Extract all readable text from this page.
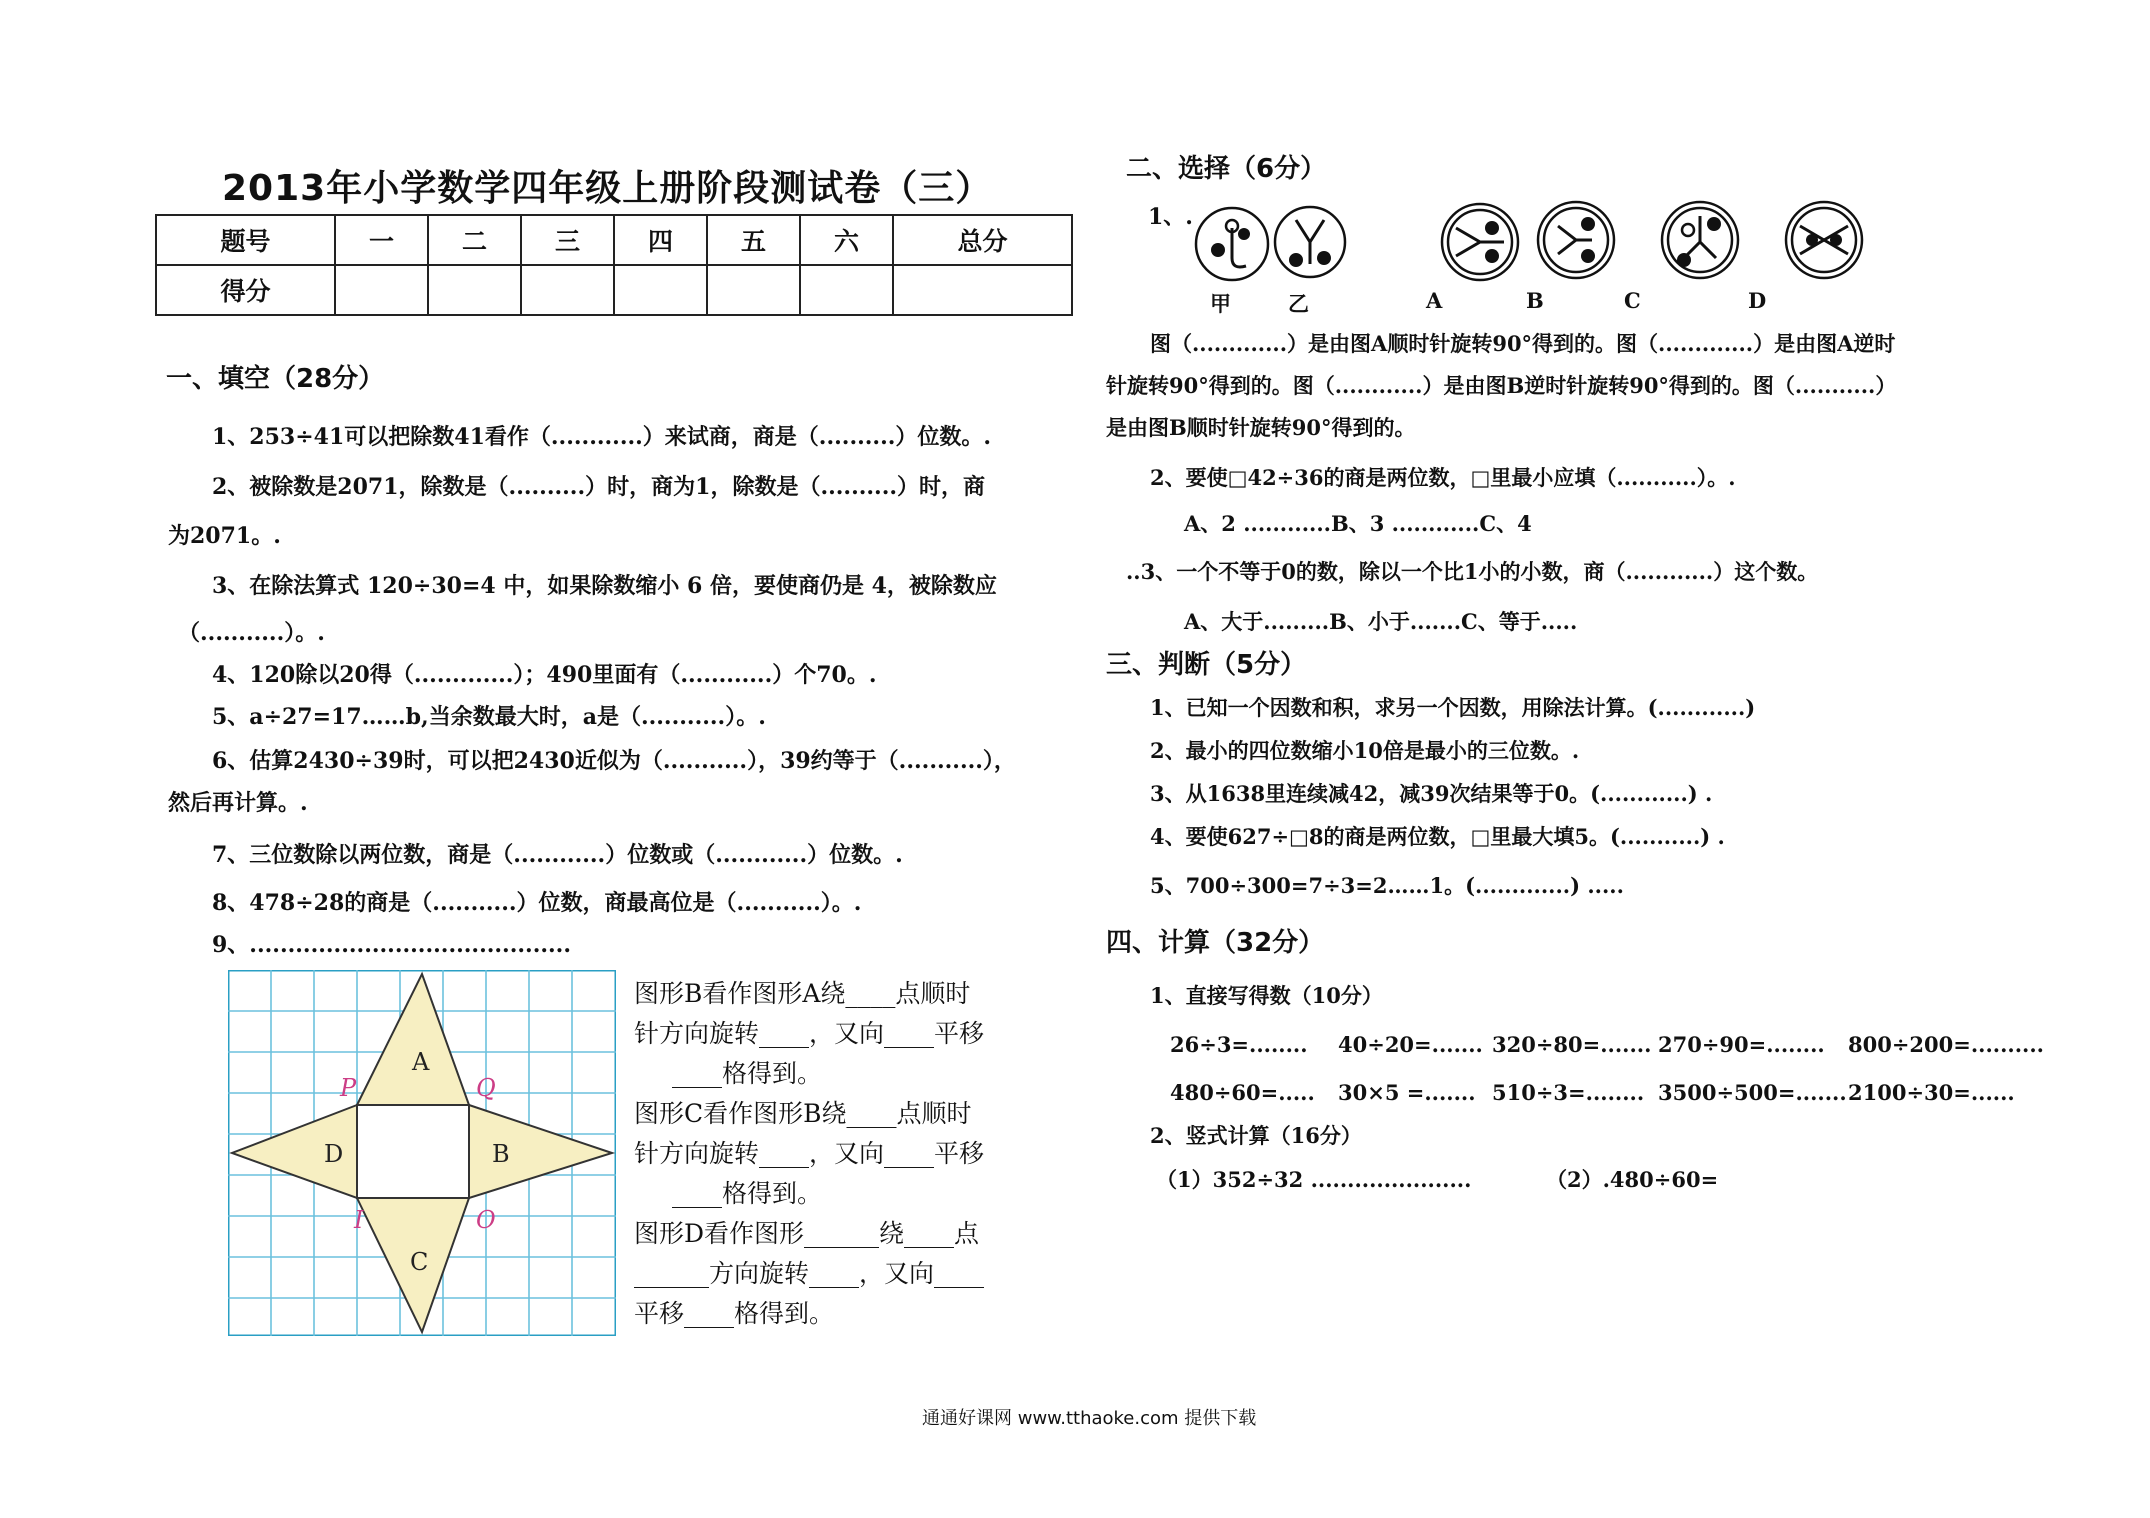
2013年小学数学四年级上册阶段测试卷（三）
题号	一	二	三	四	五	六	总分
得分							
一、填空（28分）
1、253÷41可以把除数41看作（............）来试商，商是（..........）位数。.
2、被除数是2071，除数是（..........）时，商为1，除数是（..........）时，商
为2071。.
3、在除法算式 120÷30=4 中，如果除数缩小 6 倍，要使商仍是 4，被除数应
（...........）。.
4、120除以20得（.............）；490里面有（............）个70。.
5、a÷27=17……b,当余数最大时，a是（...........）。.
6、估算2430÷39时，可以把2430近似为（...........），39约等于（...........），
然后再计算。.
7、三位数除以两位数，商是（............）位数或（............）位数。.
8、478÷28的商是（...........）位数，商最高位是（...........）。.
9、..........................................
A
B
C
D
P	Q
I	O
图形B看作图形A绕____点顺时
针方向旋转____，又向____平移
____格得到。
图形C看作图形B绕____点顺时
针方向旋转____，又向____平移
____格得到。
图形D看作图形______绕____点
______方向旋转____，又向____
平移____格得到。
二、选择（6分）
1、.
甲	乙	A	B	C	D
图（.............）是由图A顺时针旋转90°得到的。图（.............）是由图A逆时
针旋转90°得到的。图（............）是由图B逆时针旋转90°得到的。图（...........）
是由图B顺时针旋转90°得到的。
2、要使□42÷36的商是两位数，□里最小应填（...........）。.
A、2 ............B、3 ............C、4
..3、一个不等于0的数，除以一个比1小的小数，商（............）这个数。
A、大于.........B、小于.......C、等于.....
三、判断（5分）
1、已知一个因数和积，求另一个因数，用除法计算。(............)
2、最小的四位数缩小10倍是最小的三位数。.
3、从1638里连续减42，减39次结果等于0。(............) .
4、要使627÷□8的商是两位数，□里最大填5。(...........) .
5、700÷300=7÷3=2……1。(.............) .....
四、计算（32分）
1、直接写得数（10分）
26÷3=........ 40÷20=....... 320÷80=....... 270÷90=........ 800÷200=..........
480÷60=..... 30×5 =....... 510÷3=........ 3500÷500=....... 2100÷30=......
2、竖式计算（16分）
（1）352÷32 ......................	（2）.480÷60=
通通好课网 www.tthaoke.com 提供下载
